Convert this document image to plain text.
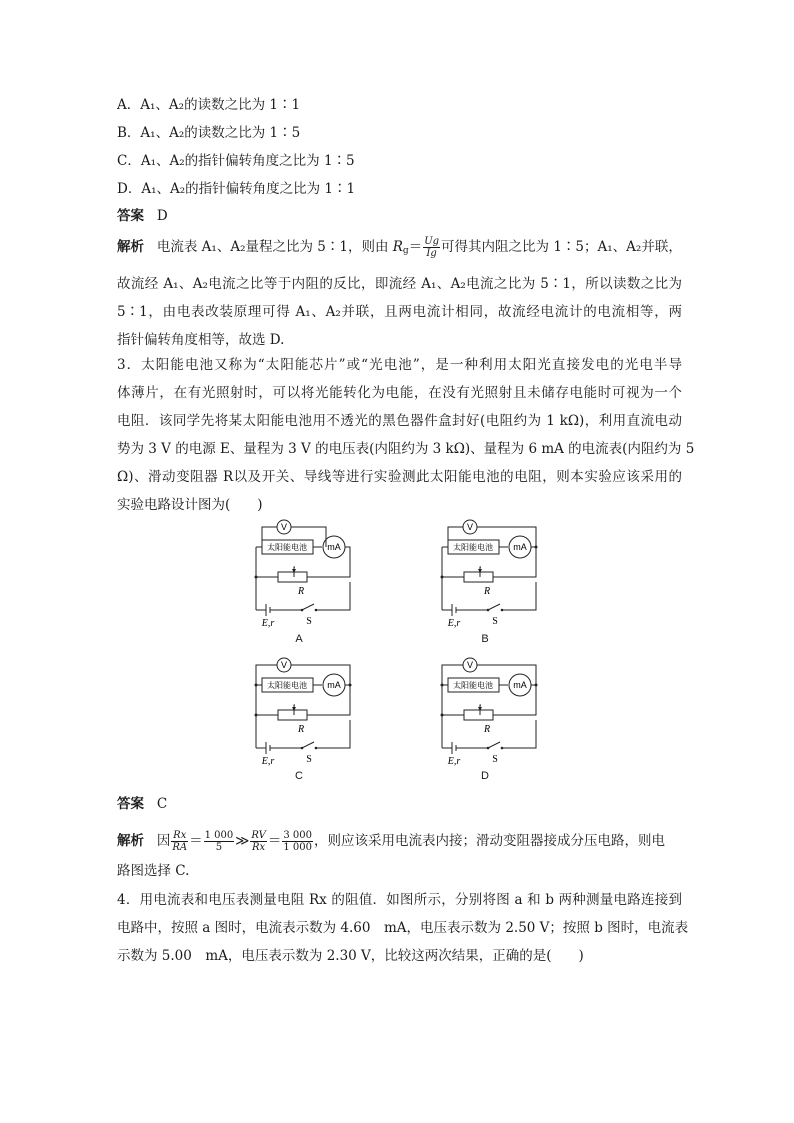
A．A₁、A₂的读数之比为 1∶1
B．A₁、A₂的读数之比为 1∶5
C．A₁、A₂的指针偏转角度之比为 1∶5
D．A₁、A₂的指针偏转角度之比为 1∶1
答案 D
解析 电流表 A₁、A₂量程之比为 5∶1，则由 $R_g= \frac{Ug}{Ig}$ 可得其内阻之比为 1∶5；A₁、A₂并联，
故流经 A₁、A₂电流之比等于内阻的反比，即流经 A₁、A₂电流之比为 5∶1，所以读数之比为
5∶1，由电表改装原理可得 A₁、A₂并联，且两电流计相同，故流经电流计的电流相等，两
指针偏转角度相等，故选 D.
3．太阳能电池又称为“太阳能芯片”或“光电池”，是一种利用太阳光直接发电的光电半导
体薄片，在有光照射时，可以将光能转化为电能，在没有光照射且未储存电能时可视为一个
电阻．该同学先将某太阳能电池用不透光的黑色器件盒封好(电阻约为 1 kΩ)，利用直流电动
势为 3 V 的电源 E、量程为 3 V 的电压表(内阻约为 3 kΩ)、量程为 6 mA 的电流表(内阻约为 5
Ω)、滑动变阻器 R以及开关、导线等进行实验测此太阳能电池的电阻，则本实验应该采用的
实验电路设计图为(　　)
V
太阳能电池 mA
R
E,r	S
V
太阳能电池 mA
R
E,r	S
V
太阳能电池 mA
R
E,r	S
V
太阳能电池 mA
R
E,r	S
A	B
C	D
答案 C
解析 因 $\frac{Rx}{RA} = \frac{1 000}{5}$ ≫ $\frac{RV}{Rx} = \frac{3 000}{1 000}$ ，则应该采用电流表内接；滑动变阻器接成分压电路，则电
路图选择 C.
4．用电流表和电压表测量电阻 Rx 的阻值．如图所示，分别将图 a 和 b 两种测量电路连接到
电路中，按照 a 图时，电流表示数为 4.60　mA，电压表示数为 2.50 V；按照 b 图时，电流表
示数为 5.00　mA，电压表示数为 2.30 V，比较这两次结果，正确的是(　　)
